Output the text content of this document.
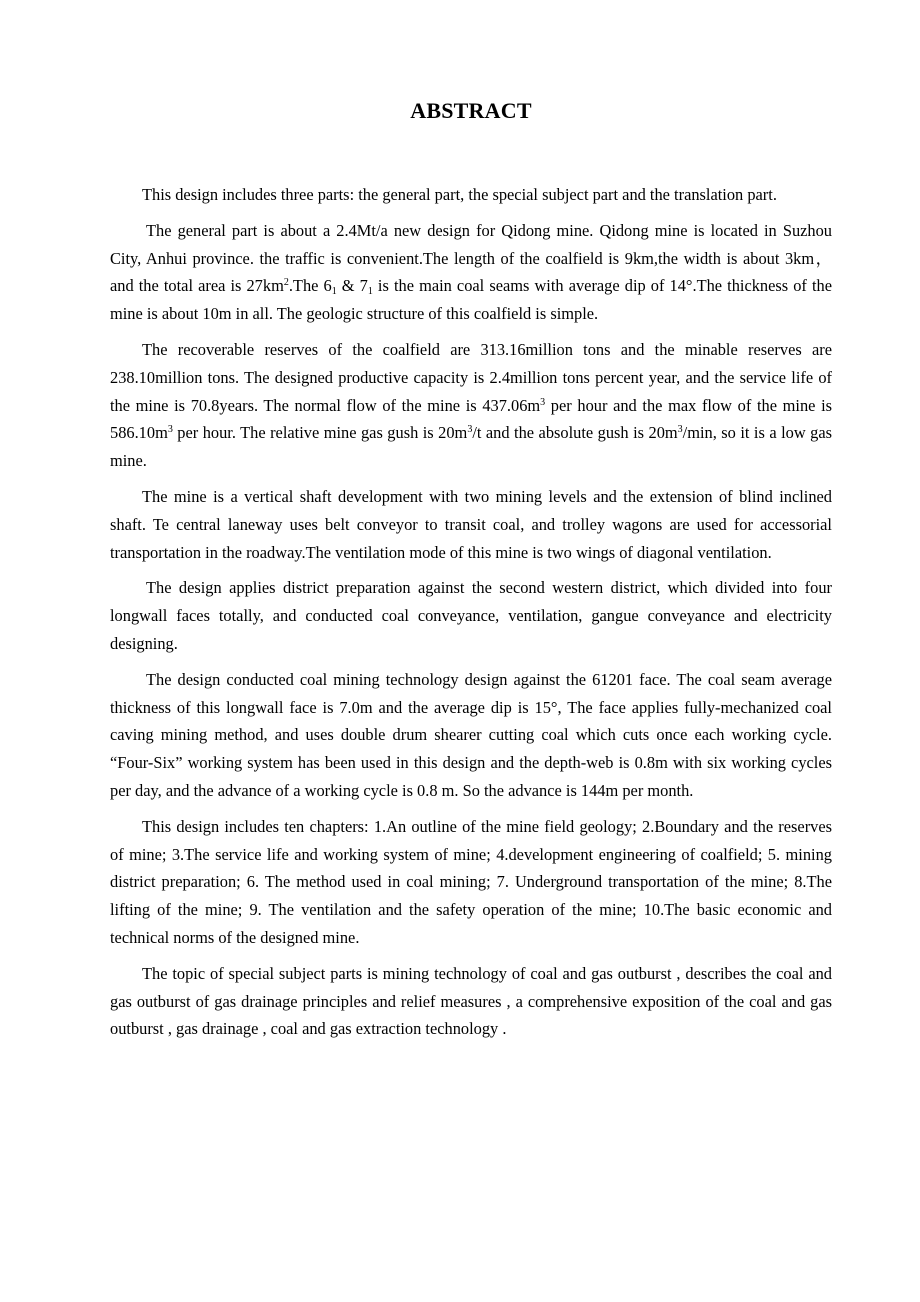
ABSTRACT

This design includes three parts: the general part, the special subject part and the translation part.

The general part is about a 2.4Mt/a new design for Qidong mine. Qidong mine is located in Suzhou City, Anhui province. the traffic is convenient.The length of the coalfield is 9km,the width is about 3km， and the total area is $27km^2.The$ $6_1$ & $7_1$ is the main coal seams with average dip of 14°.The thickness of the mine is about 10m in all. The geologic structure of this coalfield is simple.

The recoverable reserves of the coalfield are 313.16million tons and the minable reserves are 238.10million tons. The designed productive capacity is 2.4million tons percent year, and the service life of the mine is 70.8years. The normal flow of the mine is $437.06m^3$ per hour and the max flow of the mine is $586.10m^3$ per hour. The relative mine gas gush is $20m^3/t$ and the absolute gush is $20m^3/\min$, so it is a low gas mine.

The mine is a vertical shaft development with two mining levels and the extension of blind inclined shaft. Te central laneway uses belt conveyor to transit coal, and trolley wagons are used for accessorial transportation in the roadway.The ventilation mode of this mine is two wings of diagonal ventilation.

The design applies district preparation against the second western district, which divided into four longwall faces totally, and conducted coal conveyance, ventilation, gangue conveyance and electricity designing.

The design conducted coal mining technology design against the 61201 face. The coal seam average thickness of this longwall face is 7.0m and the average dip is 15°, The face applies fully-mechanized coal caving mining method, and uses double drum shearer cutting coal which cuts once each working cycle. “Four-Six” working system has been used in this design and the depth-web is 0.8m with six working cycles per day, and the advance of a working cycle is 0.8 m. So the advance is 144m per month.

This design includes ten chapters: 1.An outline of the mine field geology; 2.Boundary and the reserves of mine; 3.The service life and working system of mine; 4.development engineering of coalfield; 5. mining district preparation; 6. The method used in coal mining; 7. Underground transportation of the mine; 8.The lifting of the mine; 9. The ventilation and the safety operation of the mine; 10.The basic economic and technical norms of the designed mine.

The topic of special subject parts is mining technology of coal and gas outburst , describes the coal and gas outburst of gas drainage principles and relief measures , a comprehensive exposition of the coal and gas outburst , gas drainage , coal and gas extraction technology .
